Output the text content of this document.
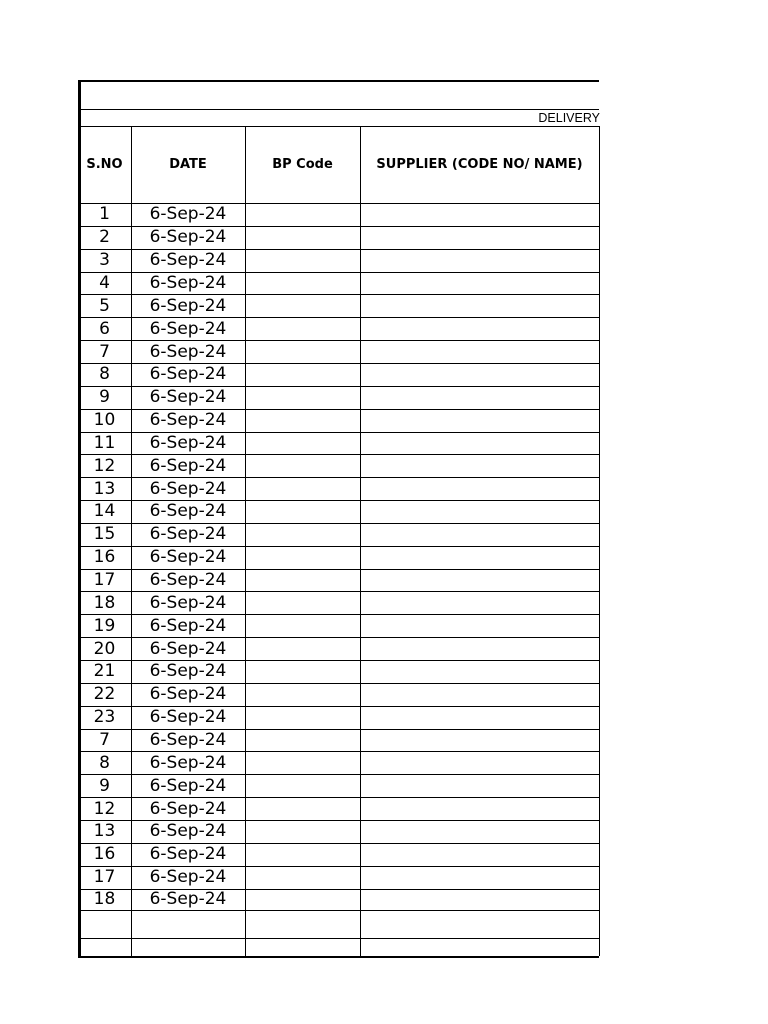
DELIVERY
S.NO	DATE	BP Code	SUPPLIER (CODE NO/ NAME)
1	6-Sep-24
2	6-Sep-24
3	6-Sep-24
4	6-Sep-24
5	6-Sep-24
6	6-Sep-24
7	6-Sep-24
8	6-Sep-24
9	6-Sep-24
10	6-Sep-24
11	6-Sep-24
12	6-Sep-24
13	6-Sep-24
14	6-Sep-24
15	6-Sep-24
16	6-Sep-24
17	6-Sep-24
18	6-Sep-24
19	6-Sep-24
20	6-Sep-24
21	6-Sep-24
22	6-Sep-24
23	6-Sep-24
7	6-Sep-24
8	6-Sep-24
9	6-Sep-24
12	6-Sep-24
13	6-Sep-24
16	6-Sep-24
17	6-Sep-24
18	6-Sep-24
